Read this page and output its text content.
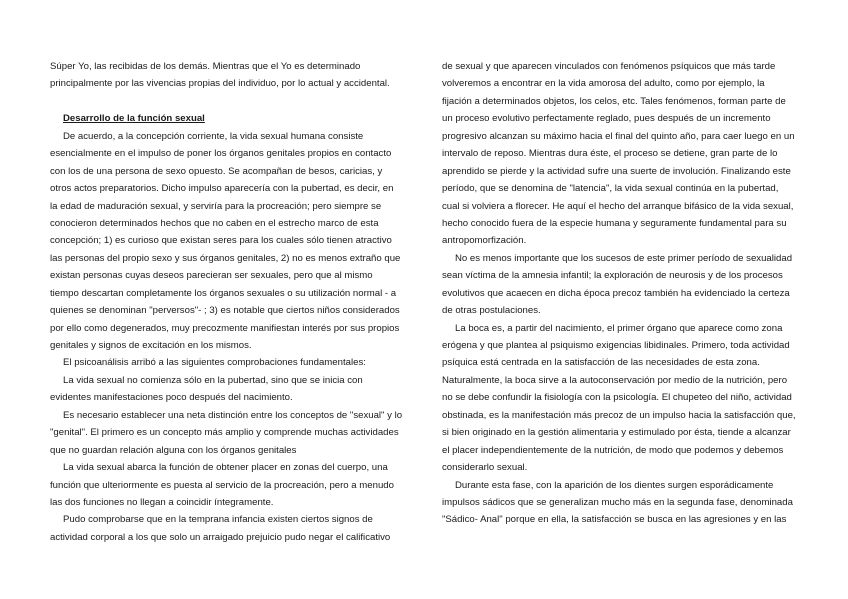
Súper Yo, las recibidas de los demás. Mientras que el Yo es determinado
principalmente por las vivencias propias del individuo, por lo actual y accidental.
Desarrollo de la función sexual
De acuerdo, a la concepción corriente, la vida sexual humana consiste
esencialmente en el impulso de poner los órganos genitales propios en contacto
con los de una persona de sexo opuesto. Se acompañan de besos, caricias, y
otros actos preparatorios. Dicho impulso aparecería con la pubertad, es decir, en
la edad de maduración sexual, y serviría para la procreación; pero siempre se
conocieron determinados hechos que no caben en el estrecho marco de esta
concepción; 1) es curioso que existan seres para los cuales sólo tienen atractivo
las personas del propio sexo y sus órganos genitales, 2) no es menos extraño que
existan personas cuyas deseos parecieran ser sexuales, pero que al mismo
tiempo descartan completamente los órganos sexuales o su utilización normal - a
quienes se denominan "perversos"- ; 3) es notable que ciertos niños considerados
por ello como degenerados, muy precozmente manifiestan interés por sus propios
genitales y signos de excitación en los mismos.
El psicoanálisis arribó a las siguientes comprobaciones fundamentales:
La vida sexual no comienza sólo en la pubertad, sino que se inicia con
evidentes manifestaciones poco después del nacimiento.
Es necesario establecer una neta distinción entre los conceptos de "sexual" y lo
"genital". El primero es un concepto más amplio y comprende muchas actividades
que no guardan relación alguna con los órganos genitales
La vida sexual abarca la función de obtener placer en zonas del cuerpo, una
función que ulteriormente es puesta al servicio de la procreación, pero a menudo
las dos funciones no llegan a coincidir íntegramente.
Pudo comprobarse que en la temprana infancia existen ciertos signos de
actividad corporal a los que solo un arraigado prejuicio pudo negar el calificativo
de sexual y que aparecen vinculados con fenómenos psíquicos que más tarde
volveremos a encontrar en la vida amorosa del adulto, como por ejemplo, la
fijación a determinados objetos, los celos, etc. Tales fenómenos, forman parte de
un proceso evolutivo perfectamente reglado, pues después de un incremento
progresivo alcanzan su máximo hacia el final del quinto año, para caer luego en un
intervalo de reposo. Mientras dura éste, el proceso se detiene, gran parte de lo
aprendido se pierde y la actividad sufre una suerte de involución. Finalizando este
período, que se denomina de "latencia", la vida sexual continúa en la pubertad,
cual si volviera a florecer. He aquí el hecho del arranque bifásico de la vida sexual,
hecho conocido fuera de la especie humana y seguramente fundamental para su
antropomorfización.
No es menos importante que los sucesos de este primer período de sexualidad
sean víctima de la amnesia infantil; la exploración de neurosis y de los procesos
evolutivos que acaecen en dicha época precoz también ha evidenciado la certeza
de otras postulaciones.
La boca es, a partir del nacimiento, el primer órgano que aparece como zona
erógena y que plantea al psiquismo exigencias libidinales. Primero, toda actividad
psíquica está centrada en la satisfacción de las necesidades de esta zona.
Naturalmente, la boca sirve a la autoconservación por medio de la nutrición, pero
no se debe confundir la fisiología con la psicología. El chupeteo del niño, actividad
obstinada, es la manifestación más precoz de un impulso hacia la satisfacción que,
si bien originado en la gestión alimentaria y estimulado por ésta, tiende a alcanzar
el placer independientemente de la nutrición, de modo que podemos y debemos
considerarlo sexual.
Durante esta fase, con la aparición de los dientes surgen esporádicamente
impulsos sádicos que se generalizan mucho más en la segunda fase, denominada
"Sádico- Anal" porque en ella, la satisfacción se busca en las agresiones y en las
